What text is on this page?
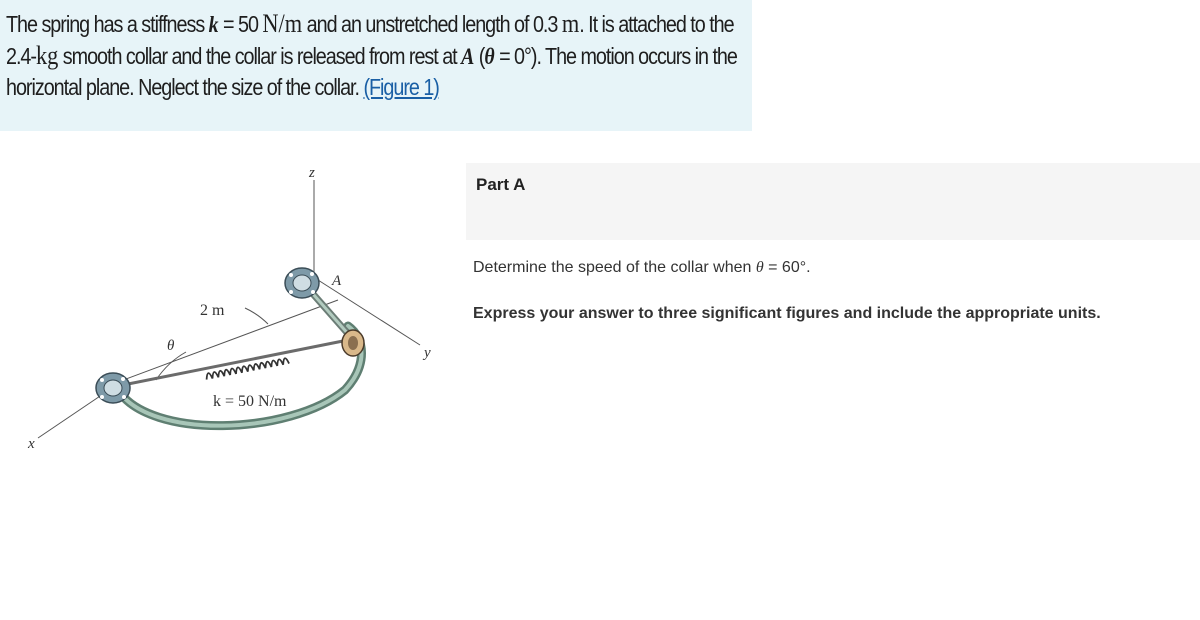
The spring has a stiffness k = 50 N/m and an unstretched length of 0.3 m. It is attached to the
2.4-kg smooth collar and the collar is released from rest at A (θ = 0°). The motion occurs in the
horizontal plane. Neglect the size of the collar. (Figure 1)

z
y
x
A
θ
2 m
k = 50 N/m
Part A
Determine the speed of the collar when θ = 60°.
Express your answer to three significant figures and include the appropriate units.
